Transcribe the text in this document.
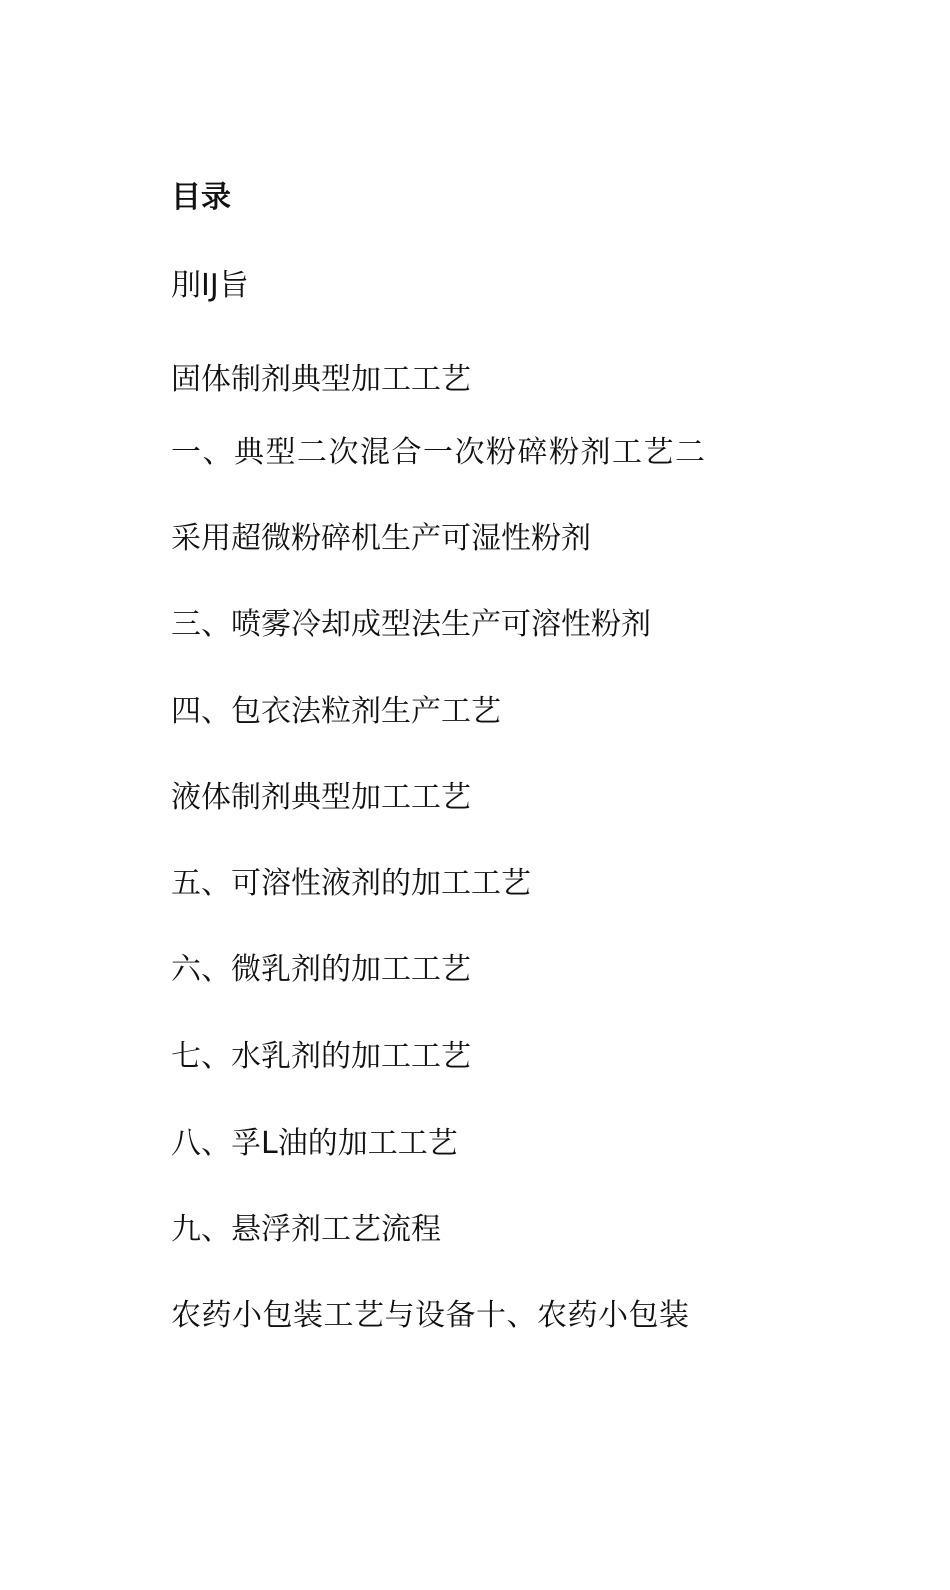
目录

刖IJ旨

固体制剂典型加工工艺

一、典型二次混合一次粉碎粉剂工艺二

采用超微粉碎机生产可湿性粉剂

三、喷雾冷却成型法生产可溶性粉剂

四、包衣法粒剂生产工艺

液体制剂典型加工工艺

五、可溶性液剂的加工工艺

六、微乳剂的加工工艺

七、水乳剂的加工工艺

八、孚L油的加工工艺

九、悬浮剂工艺流程

农药小包装工艺与设备十、农药小包装
